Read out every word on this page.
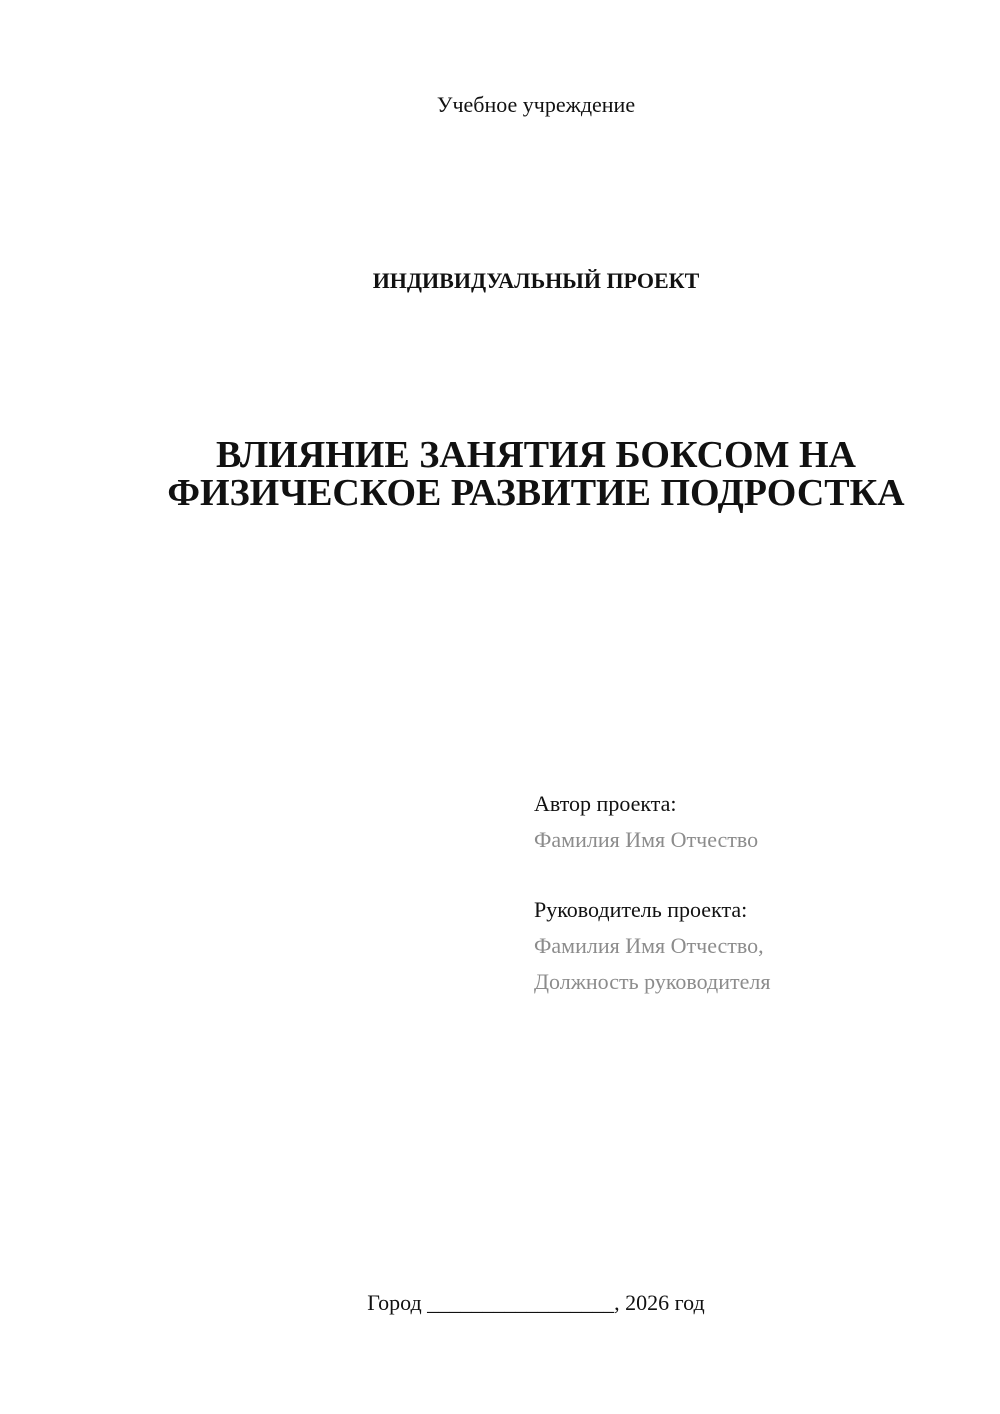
Учебное учреждение
ИНДИВИДУАЛЬНЫЙ ПРОЕКТ
ВЛИЯНИЕ ЗАНЯТИЯ БОКСОМ НА
ФИЗИЧЕСКОЕ РАЗВИТИЕ ПОДРОСТКА
Автор проекта:
Фамилия Имя Отчество
Руководитель проекта:
Фамилия Имя Отчество,
Должность руководителя
Город _________________, 2026 год
